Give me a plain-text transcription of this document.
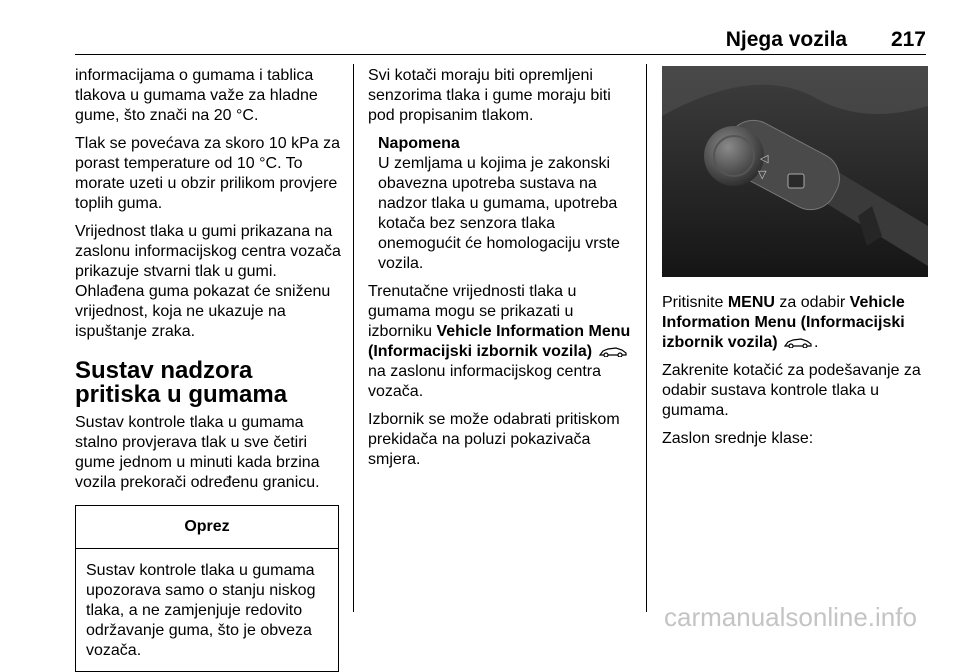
Njega vozila 217

informacijama o gumama i tablica tlakova u gumama važe za hladne gume, što znači na 20 °C.

Tlak se povećava za skoro 10 kPa za porast temperature od 10 °C. To morate uzeti u obzir prilikom provjere toplih guma.

Vrijednost tlaka u gumi prikazana na zaslonu informacijskog centra vozača prikazuje stvarni tlak u gumi.

Ohlađena guma pokazat će sniženu vrijednost, koja ne ukazuje na ispuštanje zraka.

Sustav nadzora pritiska u gumama

Sustav kontrole tlaka u gumama stalno provjerava tlak u sve četiri gume jednom u minuti kada brzina vozila prekorači određenu granicu.

Oprez
Sustav kontrole tlaka u gumama upozorava samo o stanju niskog tlaka, a ne zamjenjuje redovito održavanje guma, što je obveza vozača.

Svi kotači moraju biti opremljeni senzorima tlaka i gume moraju biti pod propisanim tlakom.

Napomena
U zemljama u kojima je zakonski obavezna upotreba sustava na nadzor tlaka u gumama, upotreba kotača bez senzora tlaka onemogućit će homologaciju vrste vozila.

Trenutačne vrijednosti tlaka u gumama mogu se prikazati u izborniku Vehicle Information Menu (Informacijski izbornik vozila)  na zaslonu informacijskog centra vozača.

Izbornik se može odabrati pritiskom prekidača na poluzi pokazivača smjera.

◁
▽

Pritisnite MENU za odabir Vehicle Information Menu (Informacijski izbornik vozila) .

Zakrenite kotačić za podešavanje za odabir sustava kontrole tlaka u gumama.

Zaslon srednje klase:

carmanualsonline.info
